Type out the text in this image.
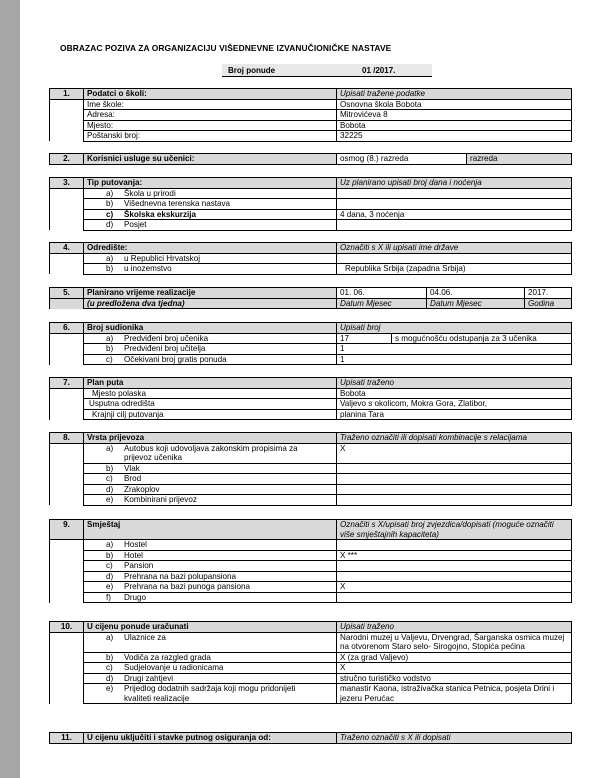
OBRAZAC POZIVA ZA ORGANIZACIJU VIŠEDNEVNE IZVANUČIONIČKE NASTAVE
Broj ponude	01 /2017.
1.	Podatci o školi:	Upisati tražene podatke
	Ime škole:	Osnovna škola Bobota
	Adresa:	Mitrovićeva 8
	Mjesto:	Bobota
	Poštanski broj:	32225
2.	Korisnici usluge su učenici:	osmog (8.) razreda	razreda
3.	Tip putovanja:	Uz planirano upisati broj dana i noćenja
	a) Škola u prirodi	
	b) Višednevna terenska nastava	
	c) Školska ekskurzija	4 dana, 3 noćenja
	d) Posjet	
4.	Odredište:	Označiti s X ili upisati ime države
	a) u Republici Hrvatskoj	
	b) u inozemstvo	Republika Srbija (zapadna Srbija)
5.	Planirano vrijeme realizacije	01. 06.	04.06.	2017.
	(u predložena dva tjedna)	Datum Mjesec	Datum Mjesec	Godina
6.	Broj sudionika	Upisati broj	
	a) Predviđeni broj učenika	17	s mogućnošću odstupanja za 3 učenika
	b) Predviđeni broj učitelja	1	
	c) Očekivani broj gratis ponuda	1	
7.	Plan puta	Upisati traženo
	Mjesto polaska	Bobota
	Usputna odredišta	Valjevo s okolicom, Mokra Gora, Zlatibor,
	Krajnji cilj putovanja	planina Tara
8.	Vrsta prijevoza	Traženo označiti ili dopisati kombinacije s relacijama

	a) Autobus koji udovoljava zakonskim propisima za prijevoz učenika	X
	b) Vlak	
	c) Brod	
	d) Zrakoplov	
	e) Kombinirani prijevoz	
9.	Smještaj	Označiti s X/upisati broj zvjezdica/dopisati (moguće označiti više smještajnih kapaciteta)
	a) Hostel	
	b) Hotel	X ***
	c) Pansion	
	d) Prehrana na bazi polupansiona	
	e) Prehrana na bazi punoga pansiona	X
	f) Drugo	
10.	U cijenu ponude uračunati	Upisati traženo
	a) Ulaznice za	Narodni muzej u Valjevu, Drvengrad, Šarganska osmica muzej na otvorenom Staro selo- Sirogojno, Stopića pećina
	b) Vodiča za razgled grada	X (za grad Valjevo)
	c) Sudjelovanje u radionicama	X
	d) Drugi zahtjevi	stručno turističko vodstvo

	e) Prijedlog dodatnih sadržaja koji mogu pridonijeti kvaliteti realizacije	manastir Kaona, istraživačka stanica Petnica, posjeta Drini i jezeru Perućac
11.	U cijenu uključiti i stavke putnog osiguranja od:	Traženo označiti s X ili dopisati
